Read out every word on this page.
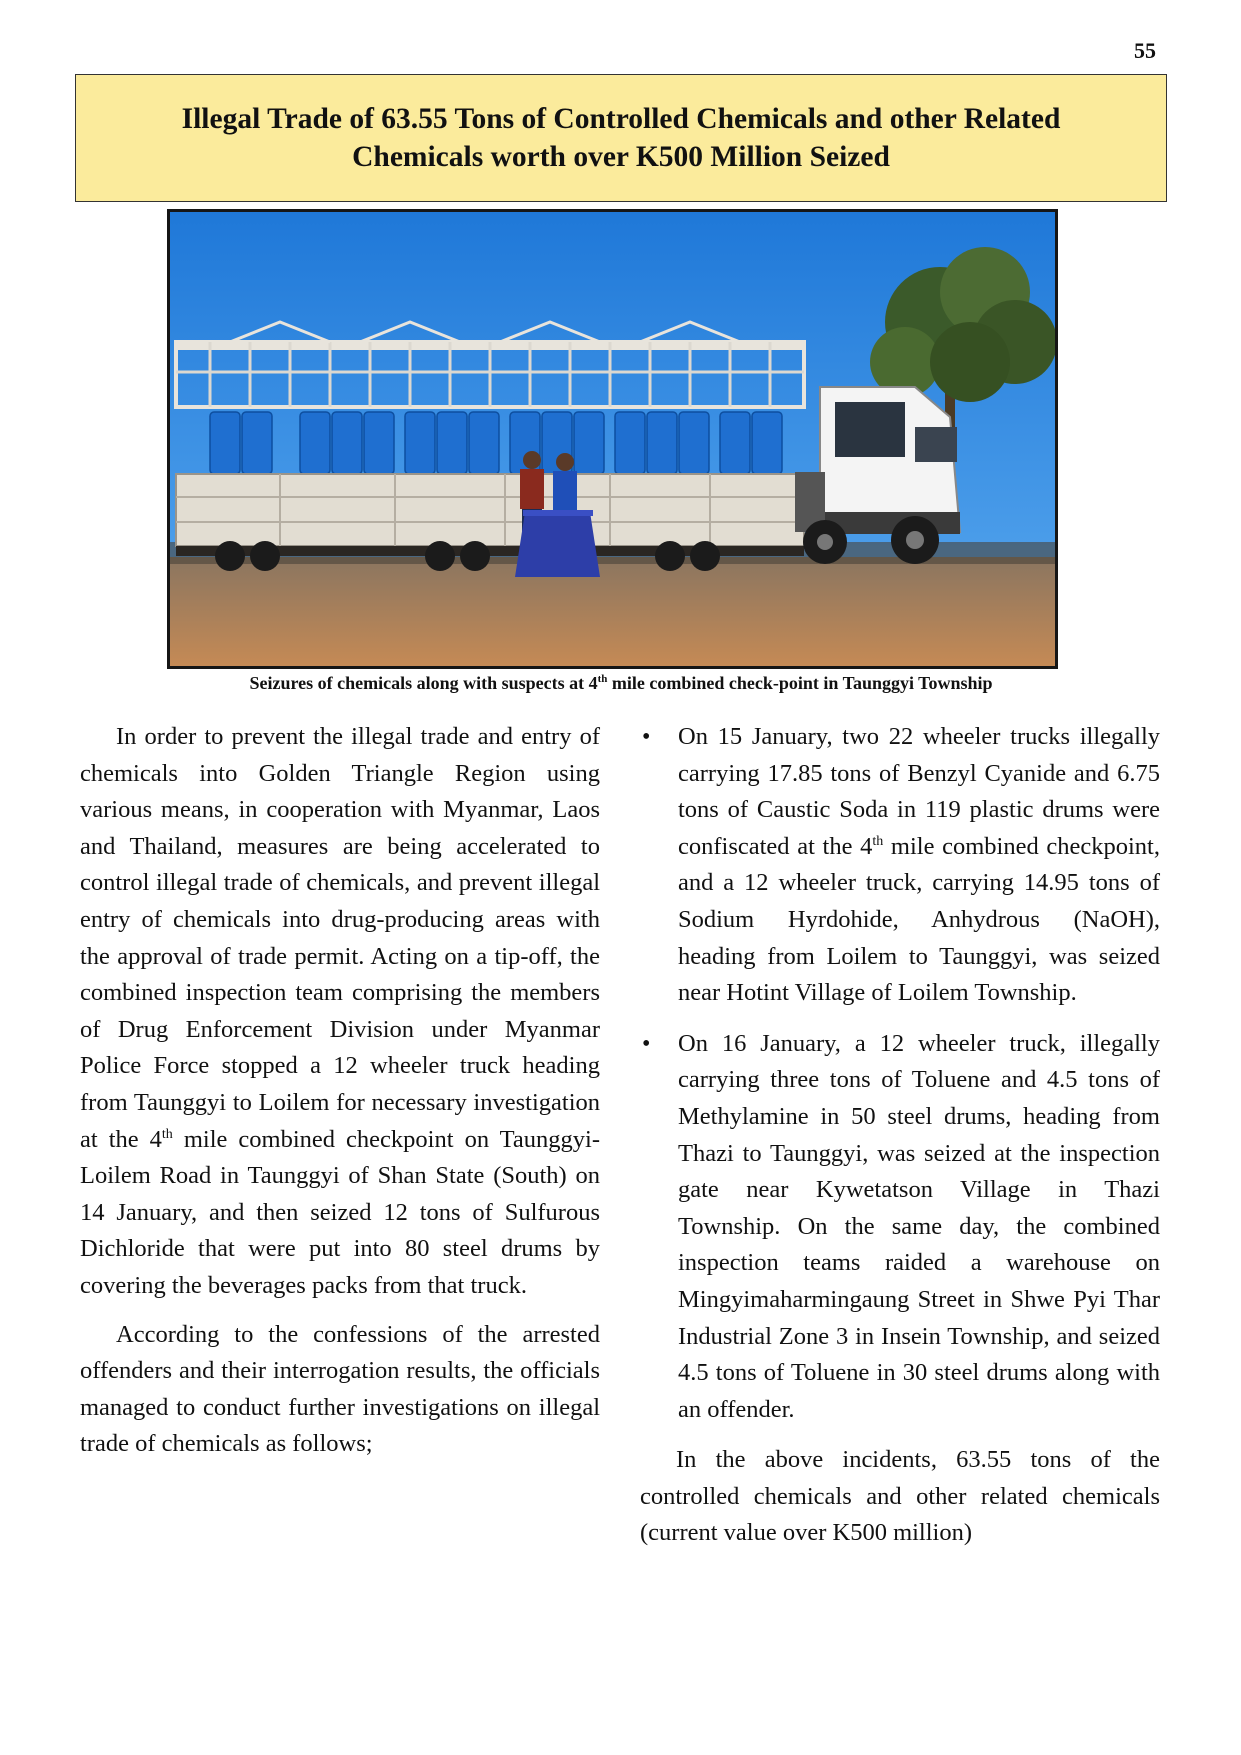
55
Illegal Trade of 63.55 Tons of Controlled Chemicals and other Related
Chemicals worth over K500 Million Seized
Seizures of chemicals along with suspects at 4th mile combined check-point in Taunggyi Township

In order to prevent the illegal trade and entry of chemicals into Golden Triangle Region using various means, in cooperation with Myanmar, Laos and Thailand, measures are being accelerated to control illegal trade of chemicals, and prevent illegal entry of chemicals into drug-producing areas with the approval of trade permit. Acting on a tip-off, the combined inspection team comprising the members of Drug Enforcement Division under Myanmar Police Force stopped a 12 wheeler truck heading from Taunggyi to Loilem for necessary investigation at the 4th mile combined checkpoint on Taunggyi-Loilem Road in Taunggyi of Shan State (South) on 14 January, and then seized 12 tons of Sulfurous Dichloride that were put into 80 steel drums by covering the beverages packs from that truck.

According to the confessions of the arrested offenders and their interrogation results, the officials managed to conduct further investigations on illegal trade of chemicals as follows;

• On 15 January, two 22 wheeler trucks illegally carrying 17.85 tons of Benzyl Cyanide and 6.75 tons of Caustic Soda in 119 plastic drums were confiscated at the 4th mile combined checkpoint, and a 12 wheeler truck, carrying 14.95 tons of Sodium Hyrdohide, Anhydrous (NaOH), heading from Loilem to Taunggyi, was seized near Hotint Village of Loilem Township.
• On 16 January, a 12 wheeler truck, illegally carrying three tons of Toluene and 4.5 tons of Methylamine in 50 steel drums, heading from Thazi to Taunggyi, was seized at the inspection gate near Kywetatson Village in Thazi Township. On the same day, the combined inspection teams raided a warehouse on Mingyimaharmingaung Street in Shwe Pyi Thar Industrial Zone 3 in Insein Township, and seized 4.5 tons of Toluene in 30 steel drums along with an offender.

In the above incidents, 63.55 tons of the controlled chemicals and other related chemicals (current value over K500 million)
